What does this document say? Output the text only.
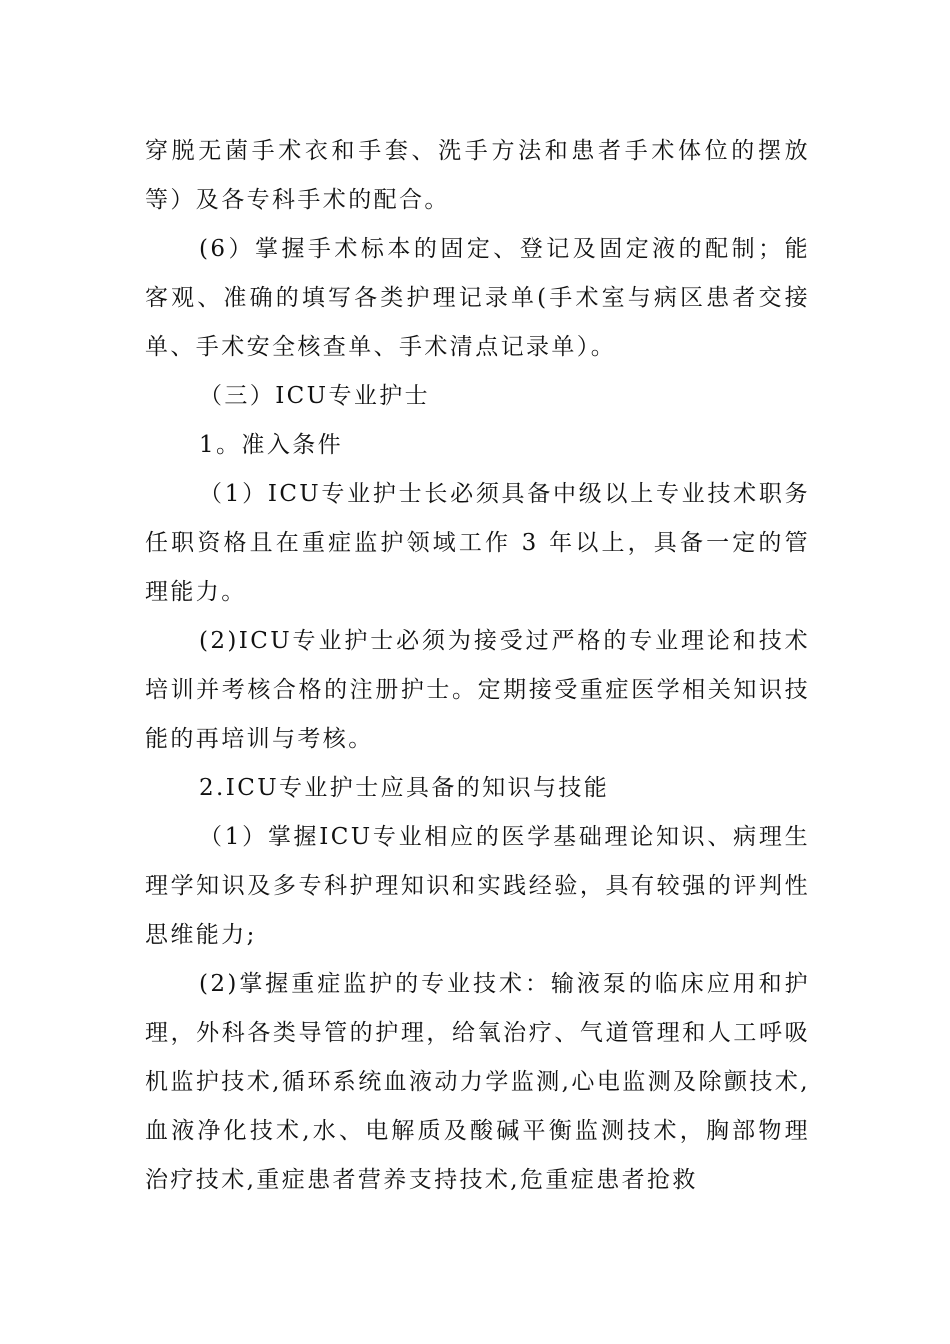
穿脱无菌手术衣和手套、洗手方法和患者手术体位的摆放等）及各专科手术的配合。

(6）掌握手术标本的固定、登记及固定液的配制；能客观、准确的填写各类护理记录单(手术室与病区患者交接单、手术安全核查单、手术清点记录单）。

（三）ICU专业护士

1。准入条件

（1）ICU专业护士长必须具备中级以上专业技术职务任职资格且在重症监护领域工作 3 年以上，具备一定的管理能力。

(2)ICU专业护士必须为接受过严格的专业理论和技术培训并考核合格的注册护士。定期接受重症医学相关知识技能的再培训与考核。

2.ICU专业护士应具备的知识与技能

（1）掌握ICU专业相应的医学基础理论知识、病理生理学知识及多专科护理知识和实践经验，具有较强的评判性思维能力;

(2)掌握重症监护的专业技术：输液泵的临床应用和护理，外科各类导管的护理，给氧治疗、气道管理和人工呼吸机监护技术,循环系统血液动力学监测,心电监测及除颤技术,血液净化技术,水、电解质及酸碱平衡监测技术，胸部物理治疗技术,重症患者营养支持技术,危重症患者抢救
